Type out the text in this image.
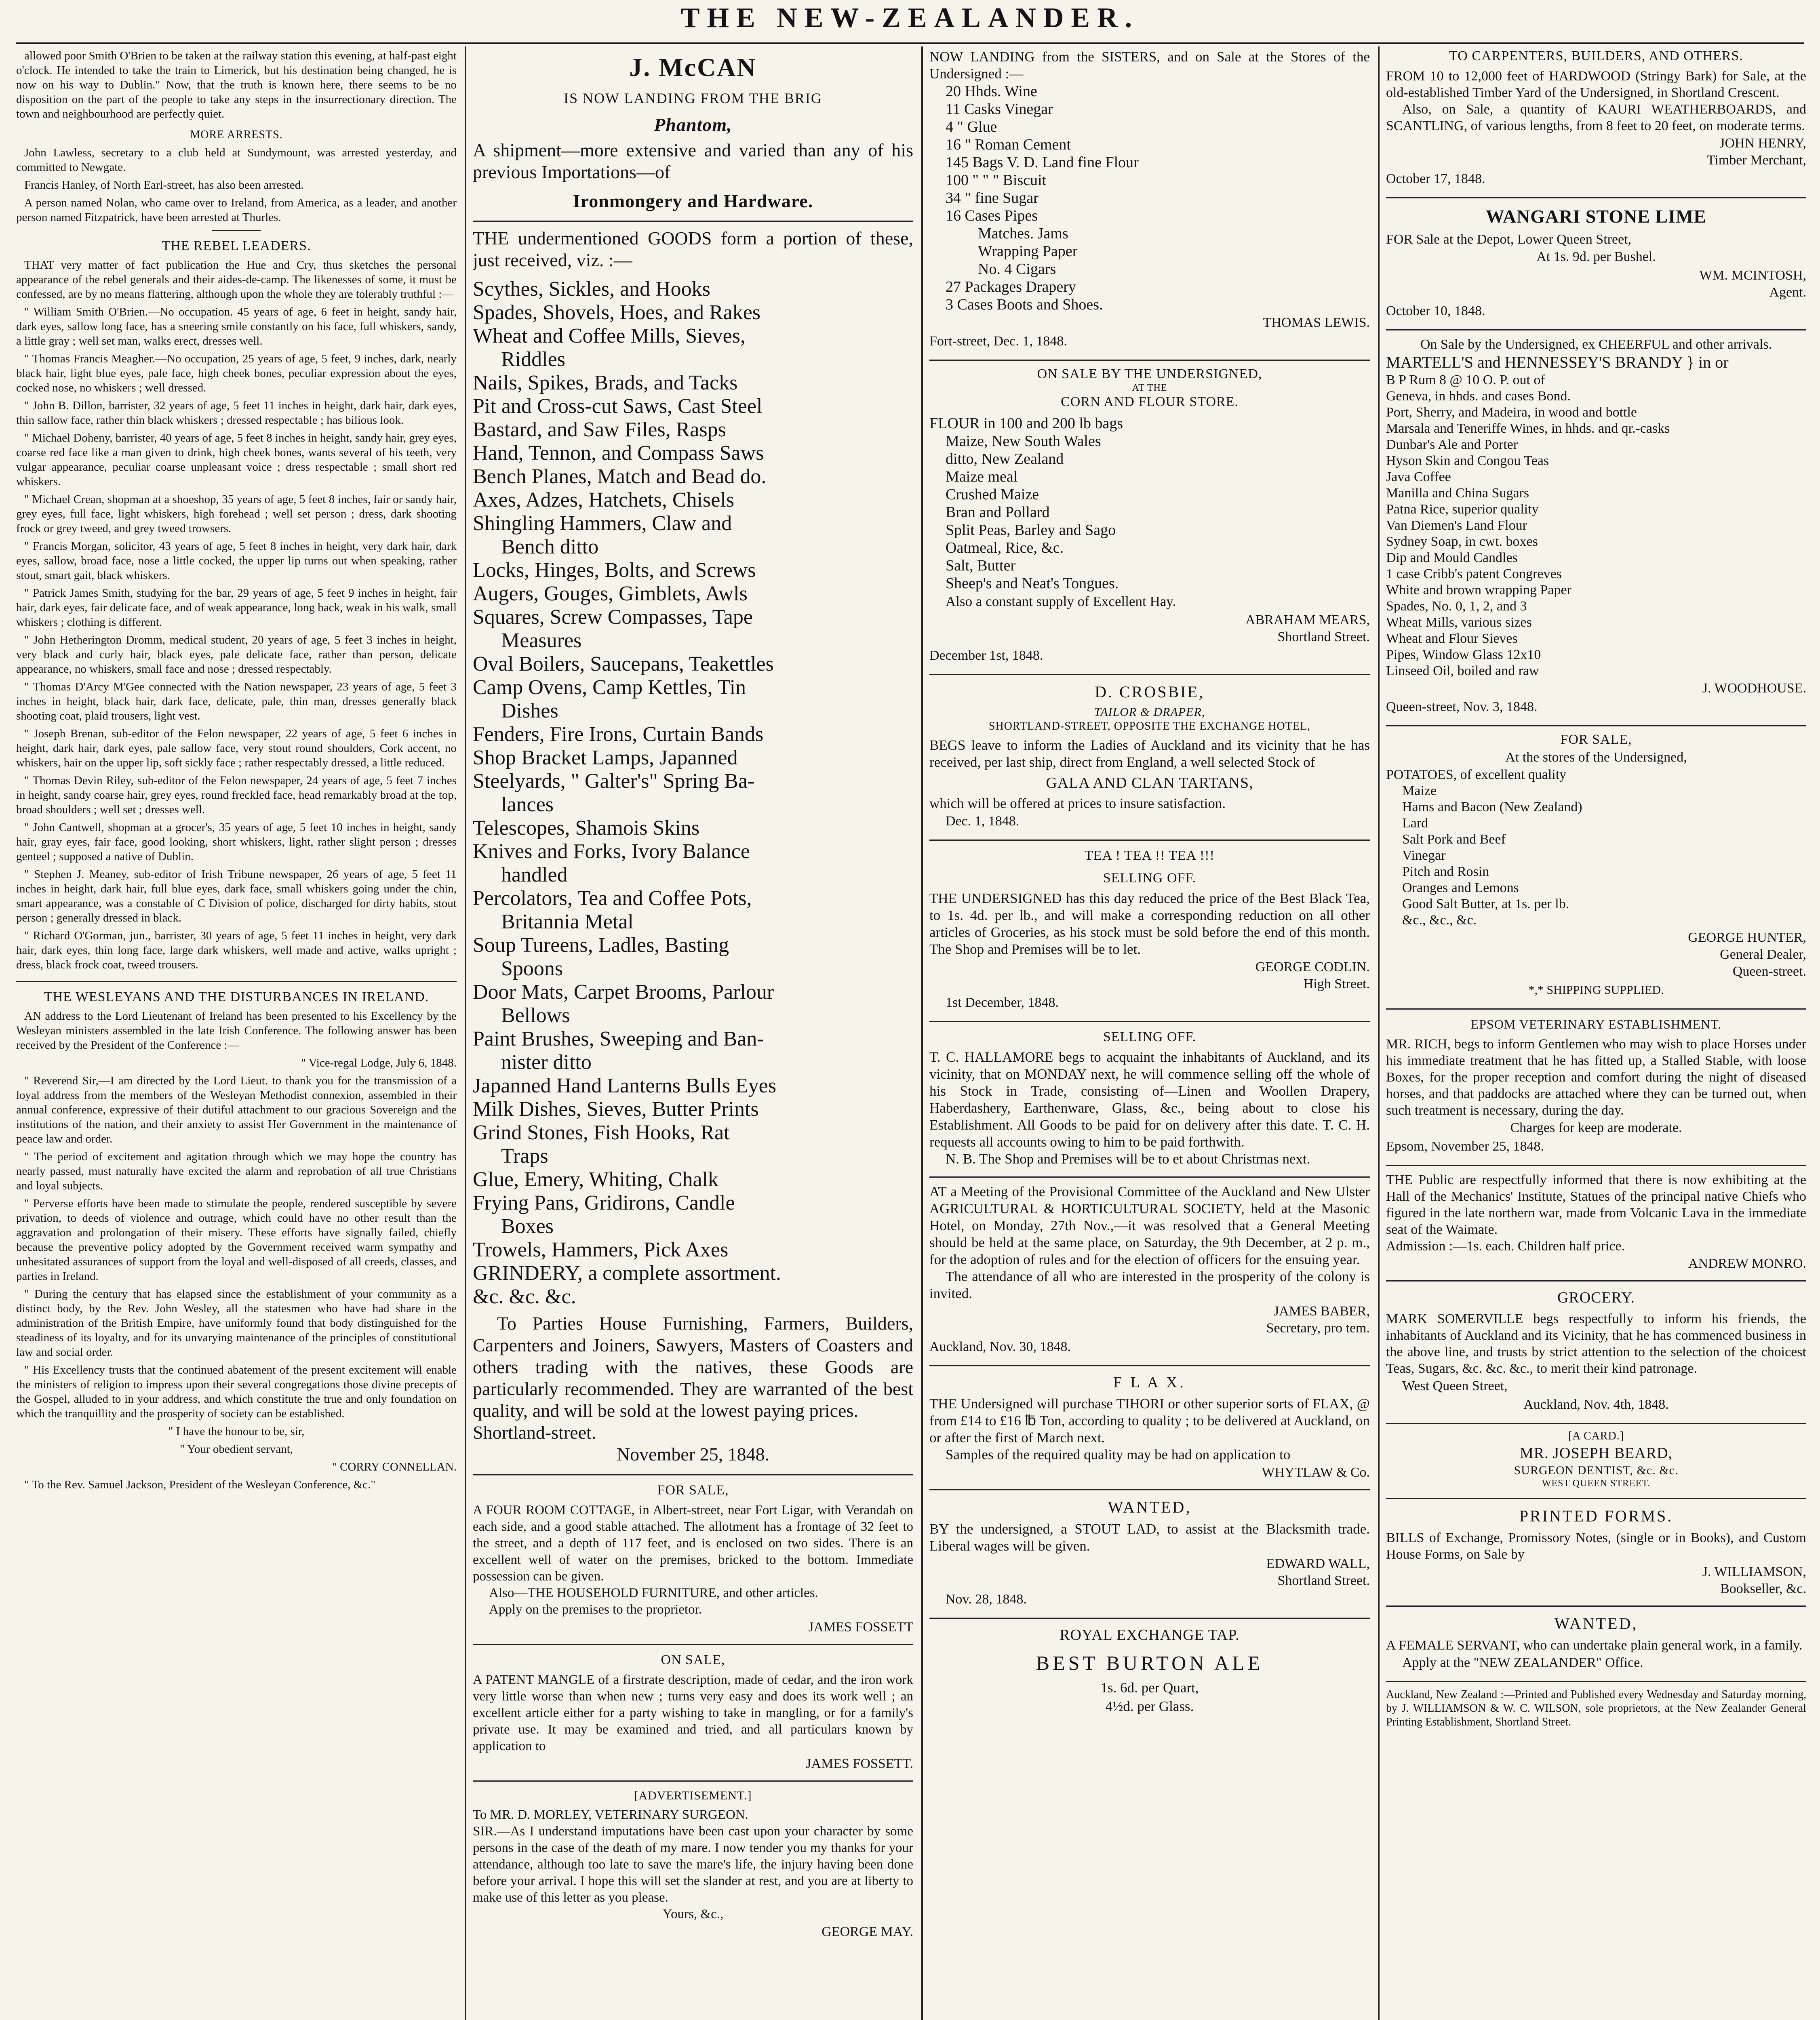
THE NEW-ZEALANDER.

allowed poor Smith O'Brien to be taken at the railway station this evening, at half-past eight o'clock. He intended to take the train to Limerick, but his destination being changed, he is now on his way to Dublin." Now, that the truth is known here, there seems to be no disposition on the part of the people to take any steps in the insurrectionary direction. The town and neighbourhood are perfectly quiet.

MORE ARRESTS.

John Lawless, secretary to a club held at Sundymount, was arrested yesterday, and committed to Newgate.

Francis Hanley, of North Earl-street, has also been arrested.

A person named Nolan, who came over to Ireland, from America, as a leader, and another person named Fitzpatrick, have been arrested at Thurles.

THE REBEL LEADERS.

THAT very matter of fact publication the Hue and Cry, thus sketches the personal appearance of the rebel generals and their aides-de-camp. The likenesses of some, it must be confessed, are by no means flattering, although upon the whole they are tolerably truthful :—

" William Smith O'Brien.—No occupation. 45 years of age, 6 feet in height, sandy hair, dark eyes, sallow long face, has a sneering smile constantly on his face, full whiskers, sandy, a little gray ; well set man, walks erect, dresses well.

" Thomas Francis Meagher.—No occupation, 25 years of age, 5 feet, 9 inches, dark, nearly black hair, light blue eyes, pale face, high cheek bones, peculiar expression about the eyes, cocked nose, no whiskers ; well dressed.

" John B. Dillon, barrister, 32 years of age, 5 feet 11 inches in height, dark hair, dark eyes, thin sallow face, rather thin black whiskers ; dressed respectable ; has bilious look.

" Michael Doheny, barrister, 40 years of age, 5 feet 8 inches in height, sandy hair, grey eyes, coarse red face like a man given to drink, high cheek bones, wants several of his teeth, very vulgar appearance, peculiar coarse unpleasant voice ; dress respectable ; small short red whiskers.

" Michael Crean, shopman at a shoeshop, 35 years of age, 5 feet 8 inches, fair or sandy hair, grey eyes, full face, light whiskers, high forehead ; well set person ; dress, dark shooting frock or grey tweed, and grey tweed trowsers.

" Francis Morgan, solicitor, 43 years of age, 5 feet 8 inches in height, very dark hair, dark eyes, sallow, broad face, nose a little cocked, the upper lip turns out when speaking, rather stout, smart gait, black whiskers.

" Patrick James Smith, studying for the bar, 29 years of age, 5 feet 9 inches in height, fair hair, dark eyes, fair delicate face, and of weak appearance, long back, weak in his walk, small whiskers ; clothing is different.

" John Hetherington Dromm, medical student, 20 years of age, 5 feet 3 inches in height, very black and curly hair, black eyes, pale delicate face, rather than person, delicate appearance, no whiskers, small face and nose ; dressed respectably.

" Thomas D'Arcy M'Gee connected with the Nation newspaper, 23 years of age, 5 feet 3 inches in height, black hair, dark face, delicate, pale, thin man, dresses generally black shooting coat, plaid trousers, light vest.

" Joseph Brenan, sub-editor of the Felon newspaper, 22 years of age, 5 feet 6 inches in height, dark hair, dark eyes, pale sallow face, very stout round shoulders, Cork accent, no whiskers, hair on the upper lip, soft sickly face ; rather respectably dressed, a little reduced.

" Thomas Devin Riley, sub-editor of the Felon newspaper, 24 years of age, 5 feet 7 inches in height, sandy coarse hair, grey eyes, round freckled face, head remarkably broad at the top, broad shoulders ; well set ; dresses well.

" John Cantwell, shopman at a grocer's, 35 years of age, 5 feet 10 inches in height, sandy hair, gray eyes, fair face, good looking, short whiskers, light, rather slight person ; dresses genteel ; supposed a native of Dublin.

" Stephen J. Meaney, sub-editor of Irish Tribune newspaper, 26 years of age, 5 feet 11 inches in height, dark hair, full blue eyes, dark face, small whiskers going under the chin, smart appearance, was a constable of C Division of police, discharged for dirty habits, stout person ; generally dressed in black.

" Richard O'Gorman, jun., barrister, 30 years of age, 5 feet 11 inches in height, very dark hair, dark eyes, thin long face, large dark whiskers, well made and active, walks upright ; dress, black frock coat, tweed trousers.

THE WESLEYANS AND THE DISTURBANCES IN IRELAND.

AN address to the Lord Lieutenant of Ireland has been presented to his Excellency by the Wesleyan ministers assembled in the late Irish Conference. The following answer has been received by the President of the Conference :—

" Vice-regal Lodge, July 6, 1848.

" Reverend Sir,—I am directed by the Lord Lieut. to thank you for the transmission of a loyal address from the members of the Wesleyan Methodist connexion, assembled in their annual conference, expressive of their dutiful attachment to our gracious Sovereign and the institutions of the nation, and their anxiety to assist Her Government in the maintenance of peace law and order.

" The period of excitement and agitation through which we may hope the country has nearly passed, must naturally have excited the alarm and reprobation of all true Christians and loyal subjects.

" Perverse efforts have been made to stimulate the people, rendered susceptible by severe privation, to deeds of violence and outrage, which could have no other result than the aggravation and prolongation of their misery. These efforts have signally failed, chiefly because the preventive policy adopted by the Government received warm sympathy and unhesitated assurances of support from the loyal and well-disposed of all creeds, classes, and parties in Ireland.

" During the century that has elapsed since the establishment of your community as a distinct body, by the Rev. John Wesley, all the statesmen who have had share in the administration of the British Empire, have uniformly found that body distinguished for the steadiness of its loyalty, and for its unvarying maintenance of the principles of constitutional law and social order.

" His Excellency trusts that the continued abatement of the present excitement will enable the ministers of religion to impress upon their several congregations those divine precepts of the Gospel, alluded to in your address, and which constitute the true and only foundation on which the tranquillity and the prosperity of society can be established.

" I have the honour to be, sir,

" Your obedient servant,

" CORRY CONNELLAN.

" To the Rev. Samuel Jackson, President of the Wesleyan Conference, &c."

J. McCAN
IS NOW LANDING FROM THE BRIG
Phantom,

A shipment—more extensive and varied than any of his previous Importations—of

Ironmongery and Hardware.

THE undermentioned GOODS form a portion of these, just received, viz. :—

Scythes, Sickles, and Hooks

Spades, Shovels, Hoes, and Rakes

Wheat and Coffee Mills, Sieves,

Riddles

Nails, Spikes, Brads, and Tacks

Pit and Cross-cut Saws, Cast Steel

Bastard, and Saw Files, Rasps

Hand, Tennon, and Compass Saws

Bench Planes, Match and Bead do.

Axes, Adzes, Hatchets, Chisels

Shingling Hammers, Claw and

Bench ditto

Locks, Hinges, Bolts, and Screws

Augers, Gouges, Gimblets, Awls

Squares, Screw Compasses, Tape

Measures

Oval Boilers, Saucepans, Teakettles

Camp Ovens, Camp Kettles, Tin

Dishes

Fenders, Fire Irons, Curtain Bands

Shop Bracket Lamps, Japanned

Steelyards, " Galter's" Spring Ba-

lances

Telescopes, Shamois Skins

Knives and Forks, Ivory Balance

handled

Percolators, Tea and Coffee Pots,

Britannia Metal

Soup Tureens, Ladles, Basting

Spoons

Door Mats, Carpet Brooms, Parlour

Bellows

Paint Brushes, Sweeping and Ban-

nister ditto

Japanned Hand Lanterns Bulls Eyes

Milk Dishes, Sieves, Butter Prints

Grind Stones, Fish Hooks, Rat

Traps

Glue, Emery, Whiting, Chalk

Frying Pans, Gridirons, Candle

Boxes

Trowels, Hammers, Pick Axes

GRINDERY, a complete assortment.

&c. &c. &c.

To Parties House Furnishing, Farmers, Builders, Carpenters and Joiners, Sawyers, Masters of Coasters and others trading with the natives, these Goods are particularly recommended. They are warranted of the best quality, and will be sold at the lowest paying prices.

Shortland-street.

November 25, 1848.

FOR SALE,

A FOUR ROOM COTTAGE, in Albert-street, near Fort Ligar, with Verandah on each side, and a good stable attached. The allotment has a frontage of 32 feet to the street, and a depth of 117 feet, and is enclosed on two sides. There is an excellent well of water on the premises, bricked to the bottom. Immediate possession can be given.

Also—THE HOUSEHOLD FURNITURE, and other articles.

Apply on the premises to the proprietor.

JAMES FOSSETT

ON SALE,

A PATENT MANGLE of a firstrate description, made of cedar, and the iron work very little worse than when new ; turns very easy and does its work well ; an excellent article either for a party wishing to take in mangling, or for a family's private use. It may be examined and tried, and all particulars known by application to

JAMES FOSSETT.

[ADVERTISEMENT.]

To MR. D. MORLEY, VETERINARY SURGEON.

SIR.—As I understand imputations have been cast upon your character by some persons in the case of the death of my mare. I now tender you my thanks for your attendance, although too late to save the mare's life, the injury having been done before your arrival. I hope this will set the slander at rest, and you are at liberty to make use of this letter as you please.

Yours, &c.,

GEORGE MAY.

NOW LANDING from the SISTERS, and on Sale at the Stores of the Undersigned :—

20 Hhds. Wine

11 Casks Vinegar

4 " Glue

16 " Roman Cement

145 Bags V. D. Land fine Flour

100 " " " Biscuit

34 " fine Sugar

16 Cases Pipes

Matches. Jams

Wrapping Paper

No. 4 Cigars

27 Packages Drapery

3 Cases Boots and Shoes.

THOMAS LEWIS.

Fort-street, Dec. 1, 1848.

ON SALE BY THE UNDERSIGNED,
AT THE
CORN AND FLOUR STORE.

FLOUR in 100 and 200 lb bags

Maize, New South Wales

ditto, New Zealand

Maize meal

Crushed Maize

Bran and Pollard

Split Peas, Barley and Sago

Oatmeal, Rice, &c.

Salt, Butter

Sheep's and Neat's Tongues.

Also a constant supply of Excellent Hay.

ABRAHAM MEARS,

Shortland Street.

December 1st, 1848.

D. CROSBIE,
TAILOR & DRAPER,
SHORTLAND-STREET, OPPOSITE THE EXCHANGE HOTEL,

BEGS leave to inform the Ladies of Auckland and its vicinity that he has received, per last ship, direct from England, a well selected Stock of

GALA AND CLAN TARTANS,

which will be offered at prices to insure satisfaction.

Dec. 1, 1848.

TEA ! TEA !! TEA !!!
SELLING OFF.

THE UNDERSIGNED has this day reduced the price of the Best Black Tea, to 1s. 4d. per lb., and will make a corresponding reduction on all other articles of Groceries, as his stock must be sold before the end of this month. The Shop and Premises will be to let.

GEORGE CODLIN.

High Street.

1st December, 1848.

SELLING OFF.

T. C. HALLAMORE begs to acquaint the inhabitants of Auckland, and its vicinity, that on MONDAY next, he will commence selling off the whole of his Stock in Trade, consisting of—Linen and Woollen Drapery, Haberdashery, Earthenware, Glass, &c., being about to close his Establishment. All Goods to be paid for on delivery after this date. T. C. H. requests all accounts owing to him to be paid forthwith.

N. B. The Shop and Premises will be to et about Christmas next.

AT a Meeting of the Provisional Committee of the Auckland and New Ulster AGRICULTURAL & HORTICULTURAL SOCIETY, held at the Masonic Hotel, on Monday, 27th Nov.,—it was resolved that a General Meeting should be held at the same place, on Saturday, the 9th December, at 2 p. m., for the adoption of rules and for the election of officers for the ensuing year.

The attendance of all who are interested in the prosperity of the colony is invited.

JAMES BABER,

Secretary, pro tem.

Auckland, Nov. 30, 1848.

F L A X.

THE Undersigned will purchase TIHORI or other superior sorts of FLAX, @ from £14 to £16 ℔ Ton, according to quality ; to be delivered at Auckland, on or after the first of March next.

Samples of the required quality may be had on application to

WHYTLAW & Co.

WANTED,

BY the undersigned, a STOUT LAD, to assist at the Blacksmith trade. Liberal wages will be given.

EDWARD WALL,

Shortland Street.

Nov. 28, 1848.

ROYAL EXCHANGE TAP.
BEST BURTON ALE

1s. 6d. per Quart,

4½d. per Glass.

TO CARPENTERS, BUILDERS, AND OTHERS.

FROM 10 to 12,000 feet of HARDWOOD (Stringy Bark) for Sale, at the old-established Timber Yard of the Undersigned, in Shortland Crescent.

Also, on Sale, a quantity of KAURI WEATHERBOARDS, and SCANTLING, of various lengths, from 8 feet to 20 feet, on moderate terms.

JOHN HENRY,

Timber Merchant,

October 17, 1848.

WANGARI STONE LIME

FOR Sale at the Depot, Lower Queen Street,

At 1s. 9d. per Bushel.

WM. MCINTOSH,

Agent.

October 10, 1848.

On Sale by the Undersigned, ex CHEERFUL and other arrivals.

MARTELL'S and HENNESSEY'S BRANDY } in or

B P Rum 8 @ 10 O. P. out of

Geneva, in hhds. and cases Bond.

Port, Sherry, and Madeira, in wood and bottle

Marsala and Teneriffe Wines, in hhds. and qr.-casks

Dunbar's Ale and Porter

Hyson Skin and Congou Teas

Java Coffee

Manilla and China Sugars

Patna Rice, superior quality

Van Diemen's Land Flour

Sydney Soap, in cwt. boxes

Dip and Mould Candles

1 case Cribb's patent Congreves

White and brown wrapping Paper

Spades, No. 0, 1, 2, and 3

Wheat Mills, various sizes

Wheat and Flour Sieves

Pipes, Window Glass 12x10

Linseed Oil, boiled and raw

J. WOODHOUSE.

Queen-street, Nov. 3, 1848.

FOR SALE,

At the stores of the Undersigned,

POTATOES, of excellent quality

Maize

Hams and Bacon (New Zealand)

Lard

Salt Pork and Beef

Vinegar

Pitch and Rosin

Oranges and Lemons

Good Salt Butter, at 1s. per lb.

&c., &c., &c.

GEORGE HUNTER,

General Dealer,

Queen-street.

*,* SHIPPING SUPPLIED.

EPSOM VETERINARY ESTABLISHMENT.

MR. RICH, begs to inform Gentlemen who may wish to place Horses under his immediate treatment that he has fitted up, a Stalled Stable, with loose Boxes, for the proper reception and comfort during the night of diseased horses, and that paddocks are attached where they can be turned out, when such treatment is necessary, during the day.

Charges for keep are moderate.

Epsom, November 25, 1848.

THE Public are respectfully informed that there is now exhibiting at the Hall of the Mechanics' Institute, Statues of the principal native Chiefs who figured in the late northern war, made from Volcanic Lava in the immediate seat of the Waimate.

Admission :—1s. each. Children half price.

ANDREW MONRO.

GROCERY.

MARK SOMERVILLE begs respectfully to inform his friends, the inhabitants of Auckland and its Vicinity, that he has commenced business in the above line, and trusts by strict attention to the selection of the choicest Teas, Sugars, &c. &c. &c., to merit their kind patronage.

West Queen Street,

Auckland, Nov. 4th, 1848.

[A CARD.]
MR. JOSEPH BEARD,
SURGEON DENTIST, &c. &c.
WEST QUEEN STREET.
PRINTED FORMS.

BILLS of Exchange, Promissory Notes, (single or in Books), and Custom House Forms, on Sale by

J. WILLIAMSON,

Bookseller, &c.

WANTED,

A FEMALE SERVANT, who can undertake plain general work, in a family.

Apply at the "NEW ZEALANDER" Office.

Auckland, New Zealand :—Printed and Published every Wednesday and Saturday morning, by J. WILLIAMSON & W. C. WILSON, sole proprietors, at the New Zealander General Printing Establishment, Shortland Street.
